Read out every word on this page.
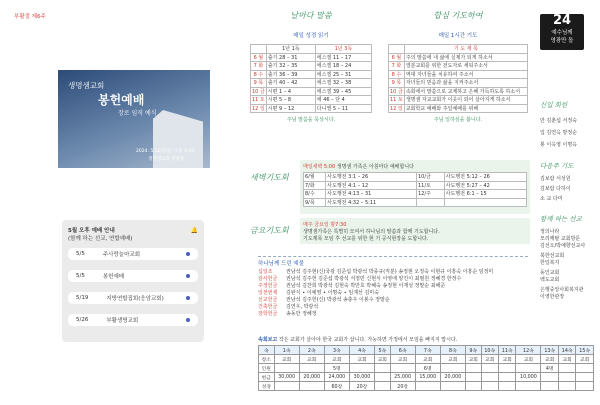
부활절 제6주	24
예수님께
영광만 돌
생명샘교회
봉헌예배
장로 임직 예식
2024. 5.12(주일) 오후 4:00
생명샘교회 생명홀
5월 오후 예배 안내
(함께 하는 선교, 연합예배)
🔔
5/5	주사랑늘마교회
5/5	봉헌예배
5/19	지방연합집회(응암교회)
5/26	부활생명교회
날마다 말씀
매일 성경 읽기
	1년 1독	1년 3독
6 월	출기 28 – 31	에스겔 11 – 17
7 화	출기 32 – 35	에스겔 18 – 24
8 수	출기 36 – 39	에스겔 25 – 31
9 목	출기 40 – 42	에스겔 32 – 38
10 금	시편 1 – 4	에스겔 39 – 45
11 토	시편 5 – 8	에 46 – 단 4
12 일	시편 9 – 12	다니엘 5 – 11
주님 말씀을 묵상시다.
합심 기도하여
매일 1시간 기도
	기 도 제 목
6 월	주의 말씀에 내 삶에 실제가 되게 하소서
7 화	열분교회를 위한 전도자로 세워주소서
8 수	역대 자녀들을 치유하여 주소서
9 목	자녀들의 믿음과 삶을 지켜주소서
10 금	속회에서 말씀으로 교제하고 은혜 가득하도록 하소서
11 토	생명샘 자교교회가 이웃이 되어 살아지게 하소서
12 일	교회학교 예배와 주일예배를 위해
주님 일하심을 봅니다.
새벽기도회
매일새벽 5:00 생명샘 가족은 아침마다 예배합니다
6/월	사도행전 3:1 – 26	10/금	사도행전 5:12 – 26
7/화	사도행전 4:1 – 12	11/토	사도행전 5:27 – 42
8/수	사도행전 4:13 – 31	12/주	사도행전 6:1 – 15
9/목	사도행전 4:32 – 5:11		
금요기도회
매주 금요일 밤7:30
생명샘가족은 특별히 모여서 하나님의 말씀과 함께 기도합니다.
기도제목 모임 후 선교를 위한 현 기 공식현장을 도합니다.
하나님께 드린 예물
십일조	권남석 김주현(신)국광 김준섭 박광석 박종규(직분) 송정현 오정숙 이현규 이흥숙 이흥순 임정미
감사헌금	권남석 김주헌 김준섭 박광석 서정민 신현식 이영애 양진이 최필원 정혜경 한정수
주정헌금	권남석 김찬희 박광석 김현숙 박만호 박혜숙 송정현 이재성 정말순 최해준
일천번제	김완식 ∙ 이예영 ∙ 이명숙 ∙ 임재선 김미숙
선교헌금	권남석 김주헌(신) 박광석 송충우 이봉수 정말순
건축헌금	김연우, 박광석
장학헌금	송동만 정혜정
신입 회원
만 김춘섭 서정숙
입 김연옥 방정순
봉 이옥영 이명옥
다음주 기도
김보람 서성원
김보람 다하이
소 교 다미
함께 하는 선교
정의나라
모리께탈 교회방문
김선오/박예향선교사
북한선교회
한일복지
동인교회
백도교회
은행중앙사회복지관
이영한관장
속회보고 작은 교회가 살아야 한국 교회가 삽니다. 가능하면 가정에서 모임을 빠지지 맙시다.
속	1속	2속	3속	4속	5속	6속	7속	8속	9속	10속	11속	12속	13속	14속	15속
장소	교회	교회	교회	교회	교회	교회	교회	교회	교회	교회	교회	교회	교회	교회	교회
인원			5명				6명						4명		
헌금	30,000	20,000	24,000	30,000		25,000	15,000	20,000				10,000			
성경			60장	20장		20장									
